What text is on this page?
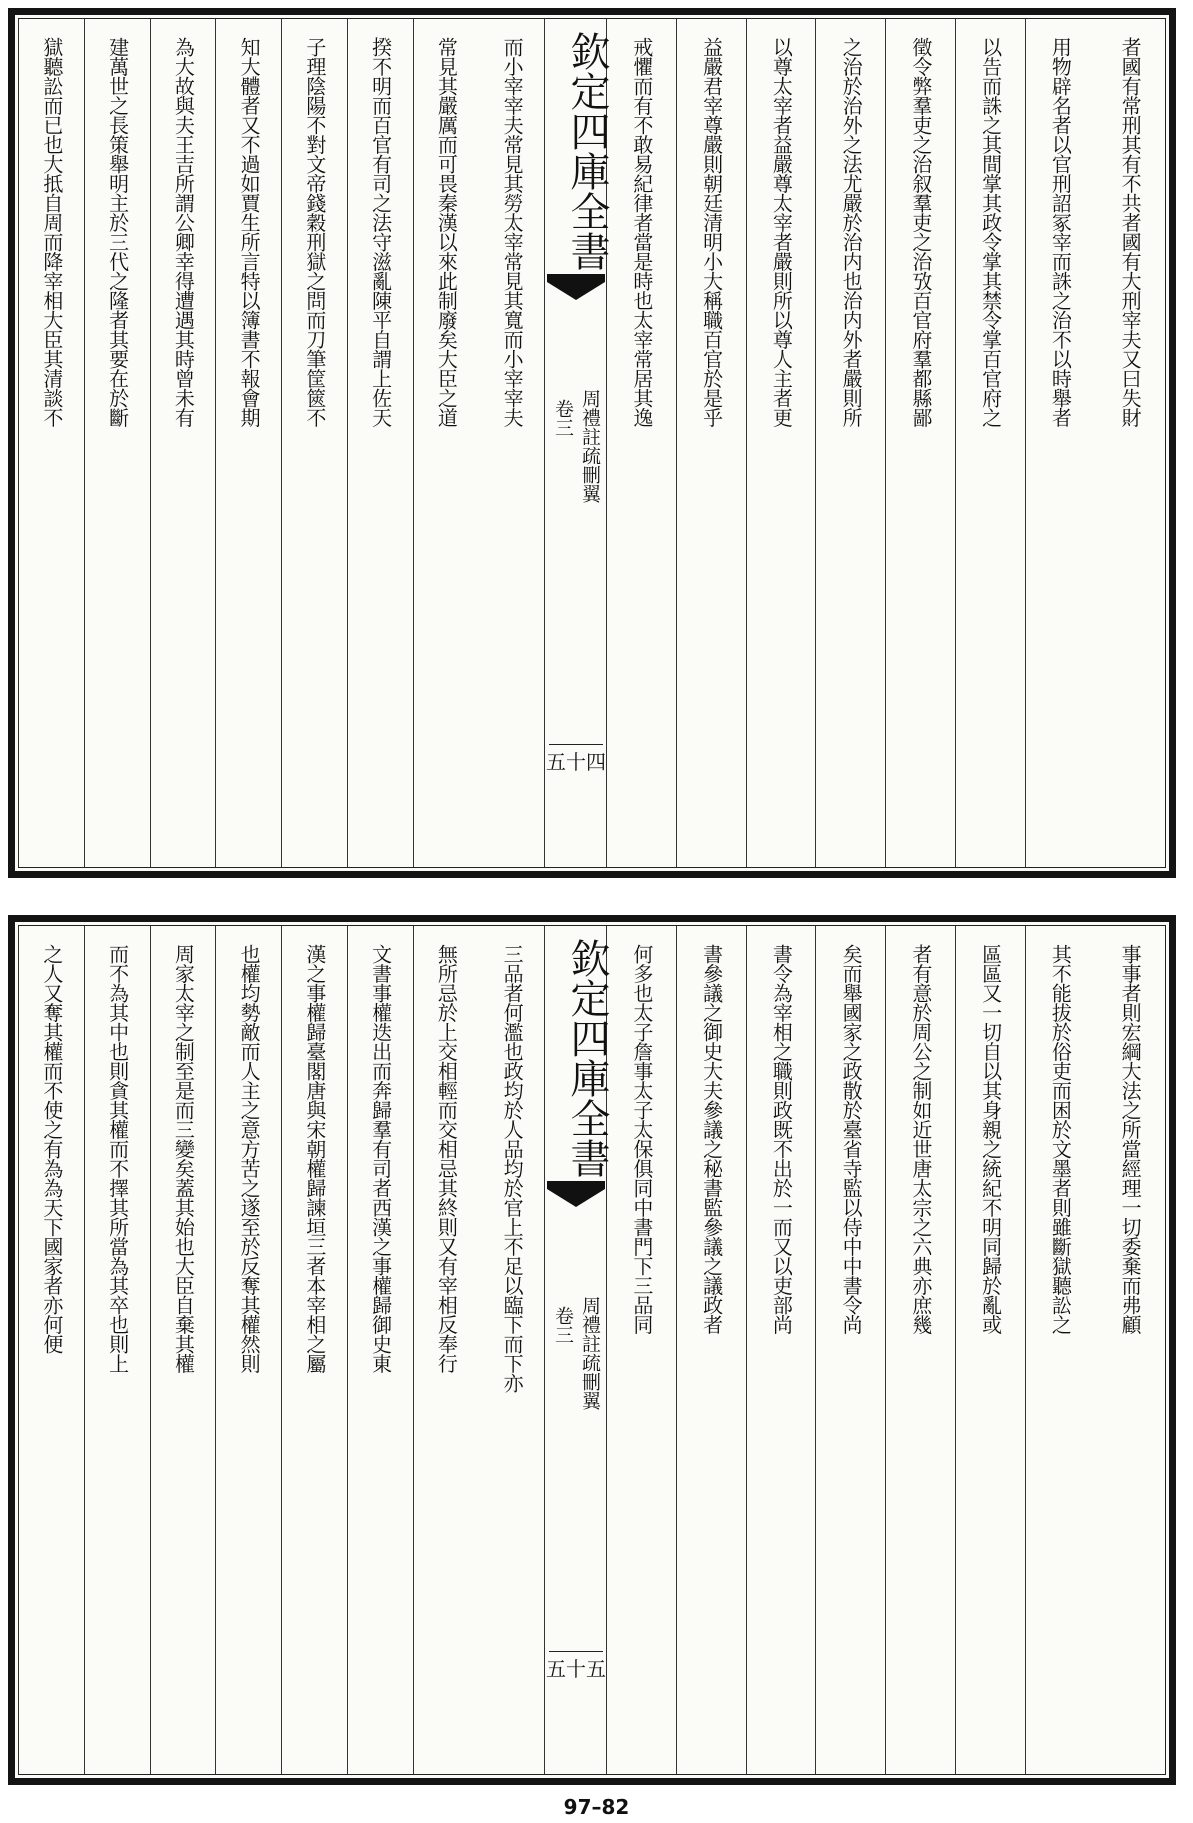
者國有常刑其有不共者國有大刑宰夫又曰失財
用物辟名者以官刑詔冢宰而誅之治不以時舉者
以告而誅之其間掌其政令掌其禁令掌百官府之
徵令弊羣吏之治叙羣吏之治攷百官府羣都縣鄙
之治於治外之法尤嚴於治内也治内外者嚴則所
以尊太宰者益嚴尊太宰者嚴則所以尊人主者更
益嚴君宰尊嚴則朝廷清明小大稱職百官於是乎
戒懼而有不敢易紀律者當是時也太宰常居其逸
欽定四庫全書
周禮註疏刪翼
卷三
五十四
而小宰宰夫常見其勞太宰常見其寬而小宰宰夫
常見其嚴厲而可畏秦漢以來此制廢矣大臣之道
揆不明而百官有司之法守滋亂陳平自謂上佐天
子理陰陽不對文帝錢穀刑獄之問而刀筆筐篋不
知大體者又不過如賈生所言特以簿書不報會期
為大故與夫王吉所謂公卿幸得遭遇其時曾未有
建萬世之長策舉明主於三代之隆者其要在於斷
獄聽訟而已也大抵自周而降宰相大臣其清談不
事事者則宏綱大法之所當經理一切委棄而弗顧
其不能拔於俗吏而困於文墨者則雖斷獄聽訟之
區區又一切自以其身親之統紀不明同歸於亂或
者有意於周公之制如近世唐太宗之六典亦庶幾
矣而舉國家之政散於臺省寺監以侍中中書令尚
書令為宰相之職則政既不出於一而又以吏部尚
書參議之御史大夫參議之秘書監參議之議政者
何多也太子詹事太子太保俱同中書門下三品同
欽定四庫全書
周禮註疏刪翼
卷三
五十五
三品者何濫也政均於人品均於官上不足以臨下而下亦
無所忌於上交相輕而交相忌其終則又有宰相反奉行
文書事權迭出而奔歸羣有司者西漢之事權歸御史東
漢之事權歸臺閣唐與宋朝權歸諫垣三者本宰相之屬
也權均勢敵而人主之意方苦之遂至於反奪其權然則
周家太宰之制至是而三變矣蓋其始也大臣自棄其權
而不為其中也則貪其權而不擇其所當為其卒也則上
之人又奪其權而不使之有為為天下國家者亦何便
97–82
